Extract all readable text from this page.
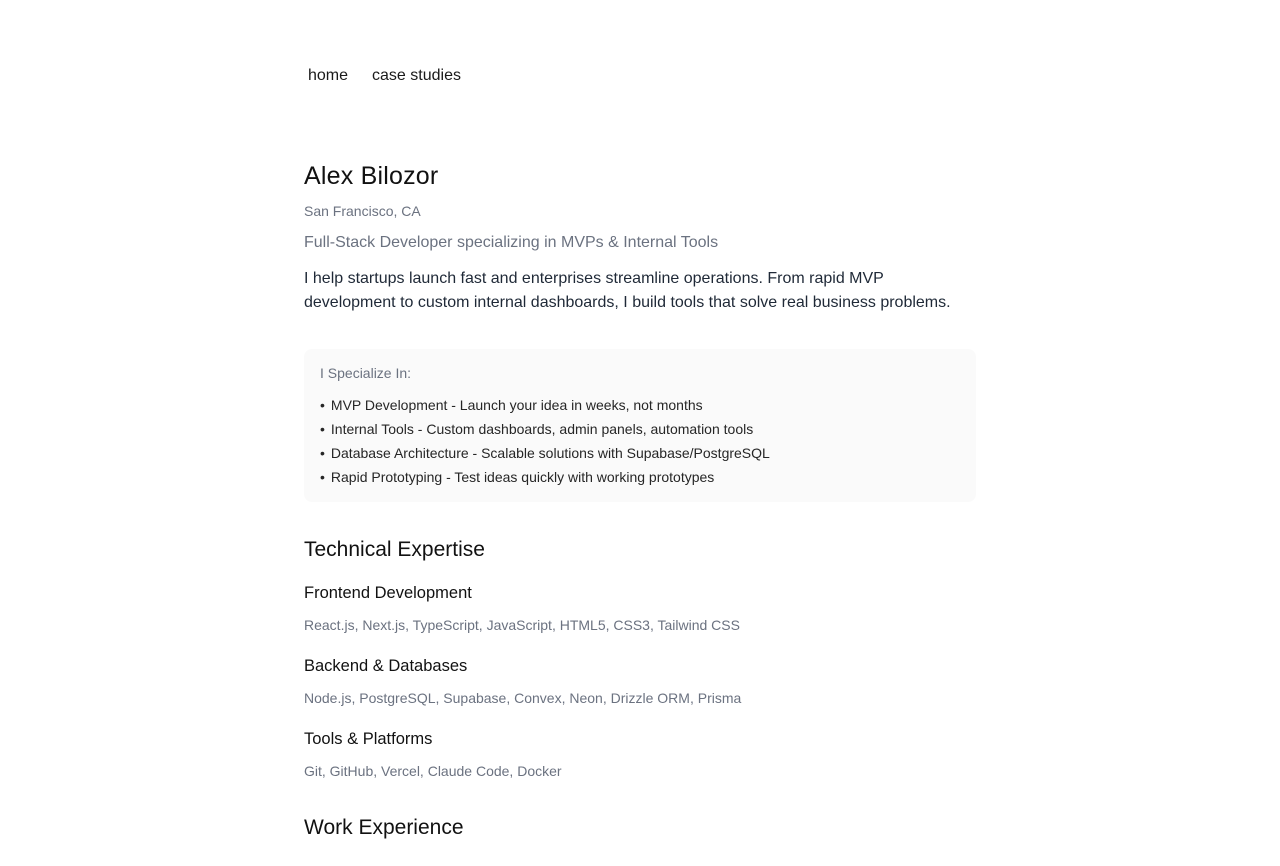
home case studies
Alex Bilozor

San Francisco, CA

Full-Stack Developer specializing in MVPs & Internal Tools

I help startups launch fast and enterprises streamline operations. From rapid MVP development to custom internal dashboards, I build tools that solve real business problems.

I Specialize In:

• MVP Development - Launch your idea in weeks, not months
• Internal Tools - Custom dashboards, admin panels, automation tools
• Database Architecture - Scalable solutions with Supabase/PostgreSQL
• Rapid Prototyping - Test ideas quickly with working prototypes
Technical Expertise
Frontend Development

React.js, Next.js, TypeScript, JavaScript, HTML5, CSS3, Tailwind CSS

Backend & Databases

Node.js, PostgreSQL, Supabase, Convex, Neon, Drizzle ORM, Prisma

Tools & Platforms

Git, GitHub, Vercel, Claude Code, Docker

Work Experience
